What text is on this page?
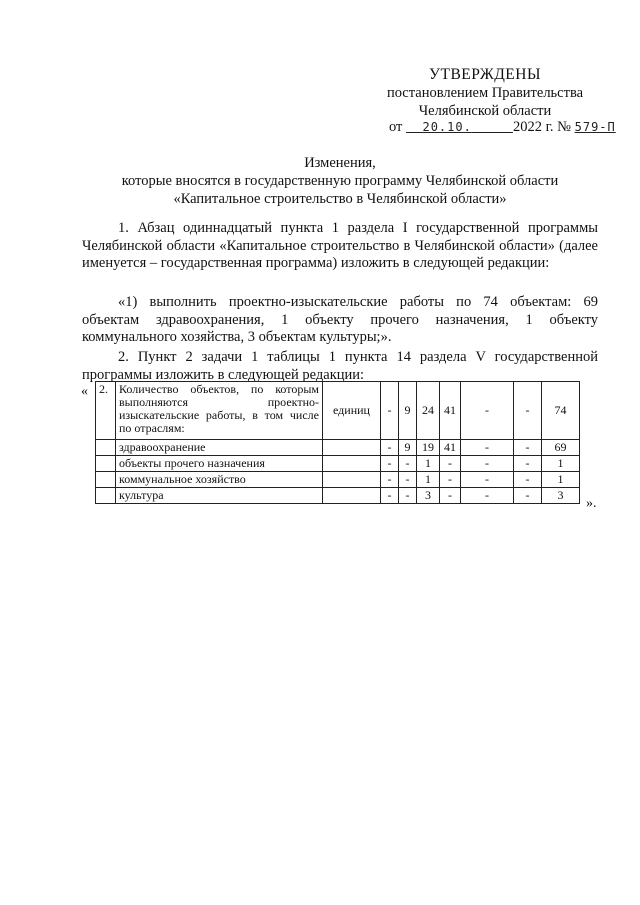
УТВЕРЖДЕНЫ
постановлением Правительства
Челябинской области
от 20.10.	2022 г. № 579-П
Изменения,
которые вносятся в государственную программу Челябинской области
«Капитальное строительство в Челябинской области»
1. Абзац одиннадцатый пункта 1 раздела I государственной программы Челябинской области «Капитальное строительство в Челябинской области» (далее именуется – государственная программа) изложить в следующей редакции:
«1) выполнить проектно-изыскательские работы по 74 объектам: 69 объектам здравоохранения, 1 объекту прочего назначения, 1 объекту коммунального хозяйства, 3 объектам культуры;».
2. Пункт 2 задачи 1 таблицы 1 пункта 14 раздела V государственной программы изложить в следующей редакции:
« 2.	Количество объектов, по которым выполняются проектно-изыскательские работы, в том числе по отраслям:	единиц	-	9	24	41	-	-	74
	здравоохранение		-	9	19	41	-	-	69
	объекты прочего назначения		-	-	1	-	-	-	1
	коммунальное хозяйство		-	-	1	-	-	-	1
	культура		-	-	3	-	-	-	3
».
